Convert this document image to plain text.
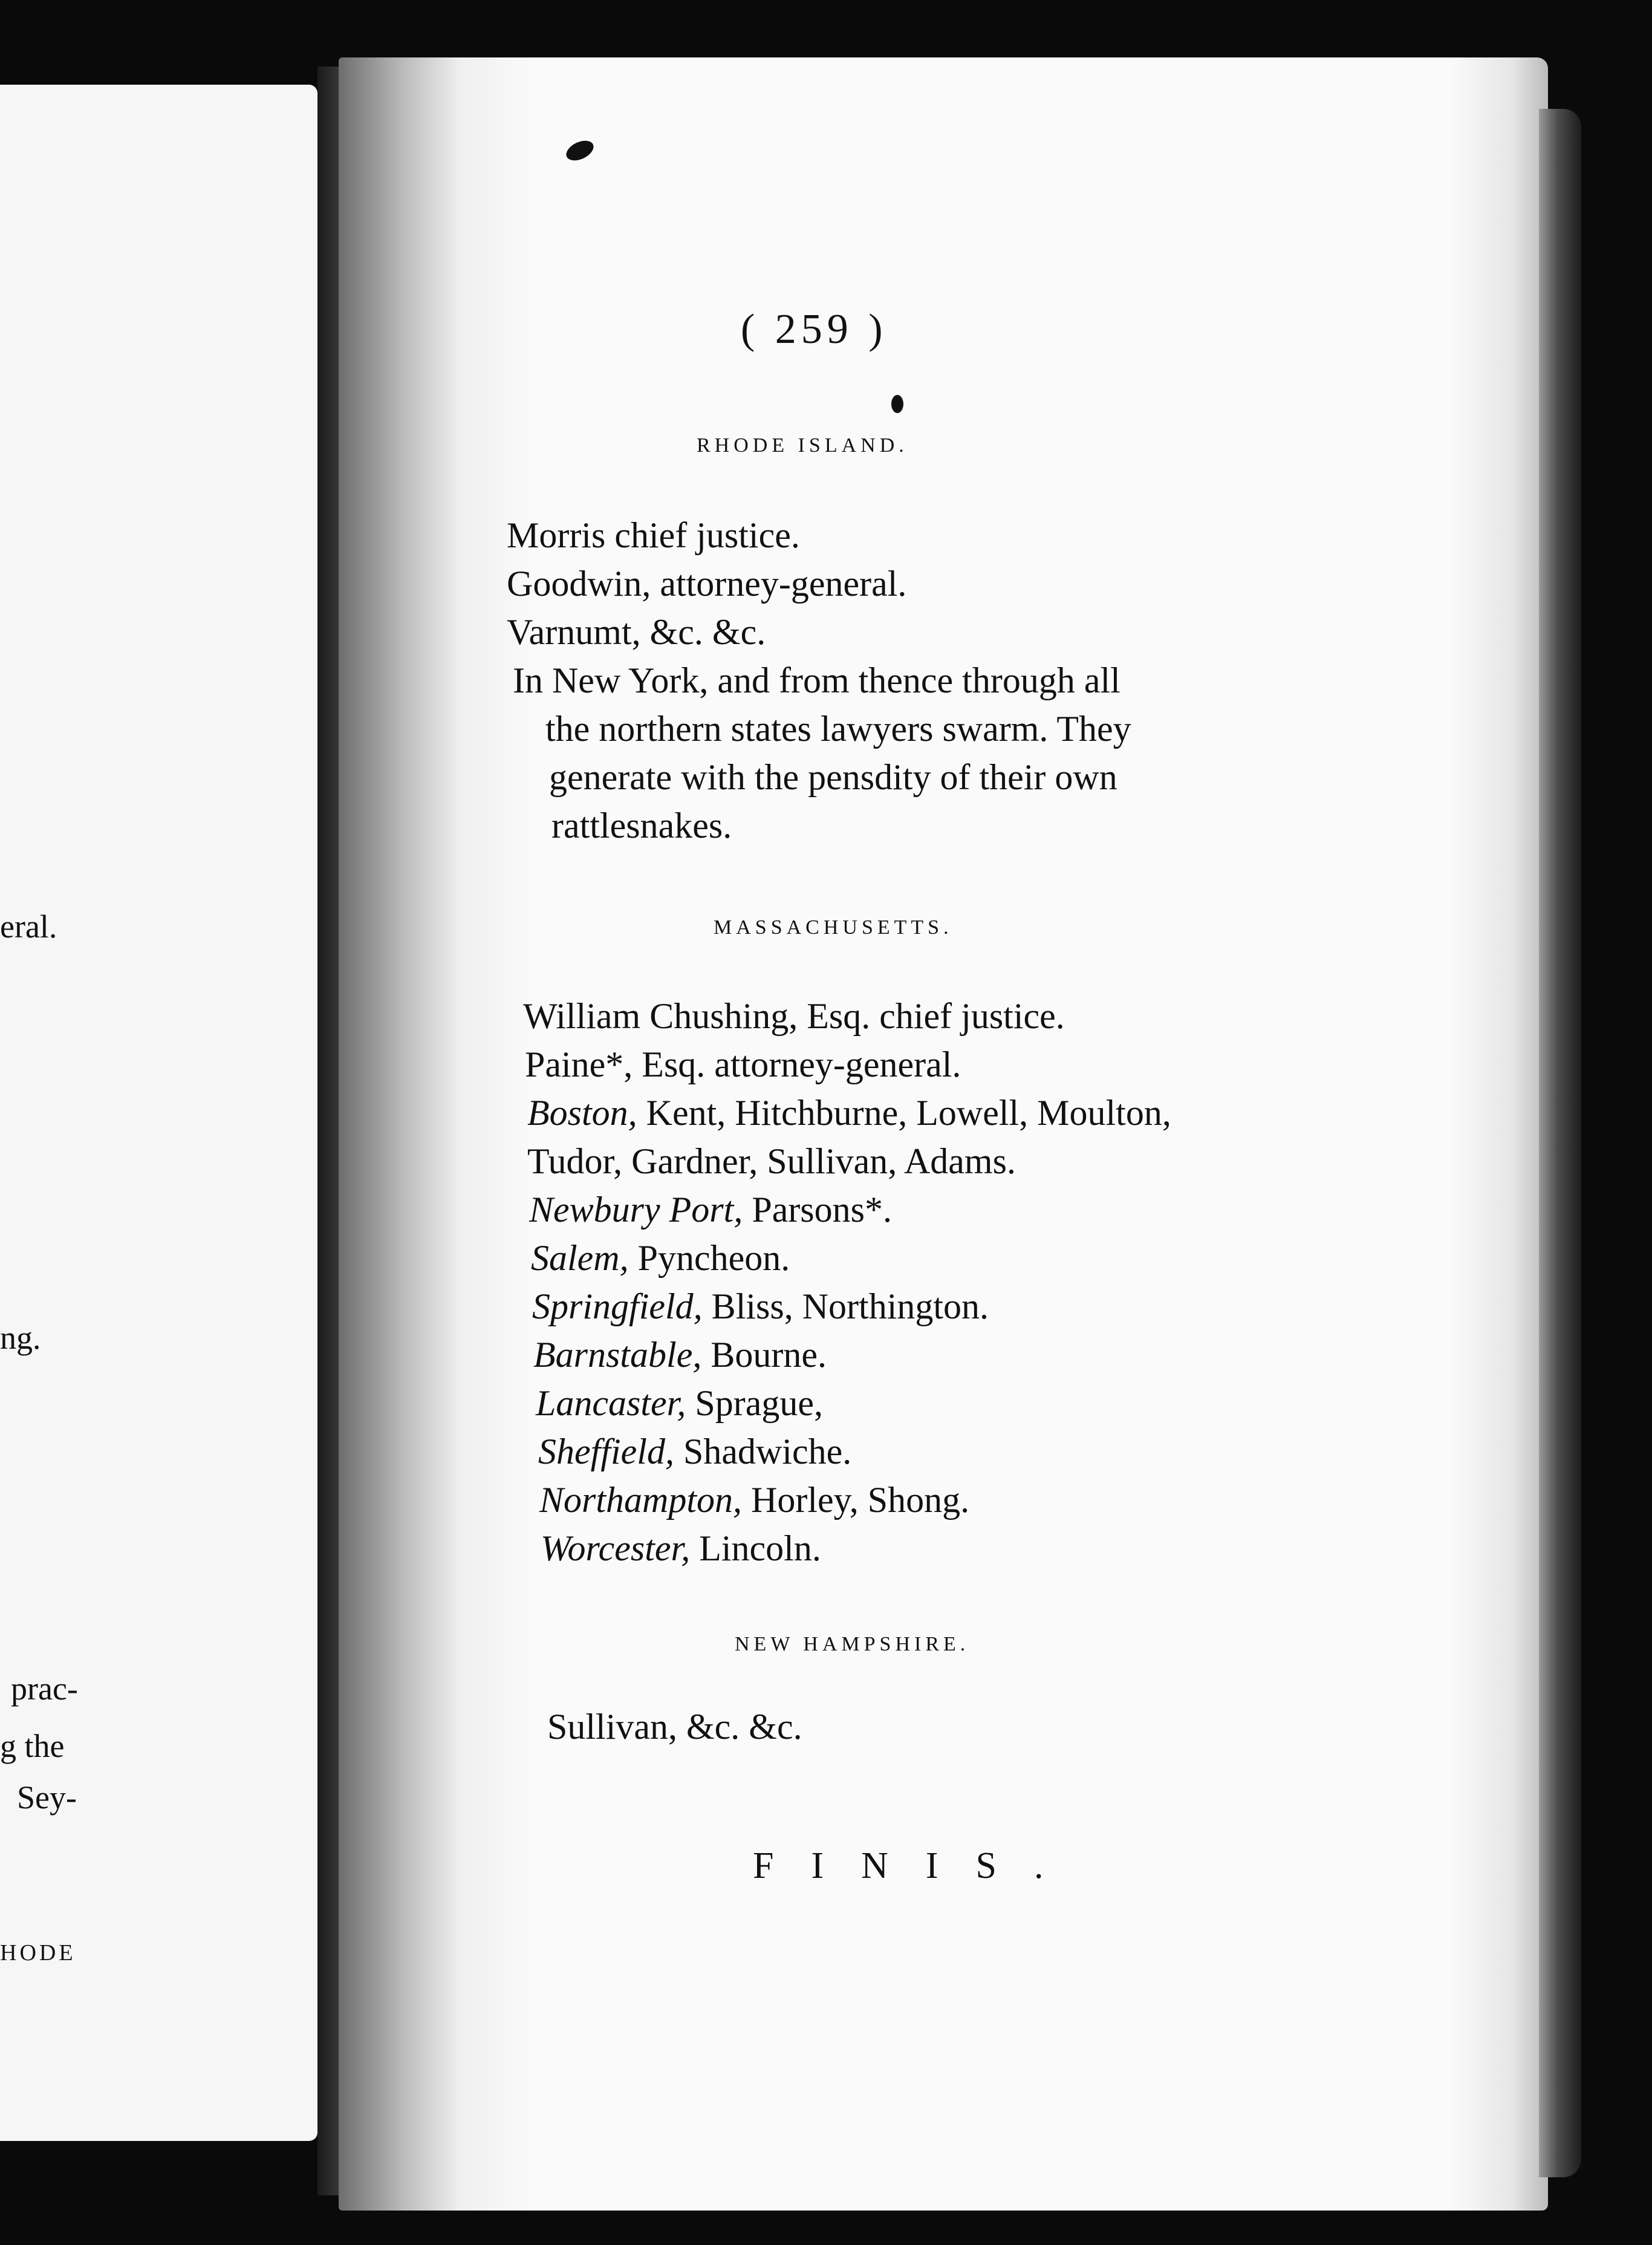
eral.
ng.
prac-
g the
Sey-
HODE
( 259 )
RHODE ISLAND.
Morris chief justice.
Goodwin, attorney-general.
Varnumt, &c. &c.
In New York, and from thence through all
the northern states lawyers swarm. They
generate with the pensdity of their own
rattlesnakes.
MASSACHUSETTS.
William Chushing, Esq. chief justice.
Paine*, Esq. attorney-general.
Boston, Kent, Hitchburne, Lowell, Moulton,
Tudor, Gardner, Sullivan, Adams.
Newbury Port, Parsons*.
Salem, Pyncheon.
Springfield, Bliss, Northington.
Barnstable, Bourne.
Lancaster, Sprague,
Sheffield, Shadwiche.
Northampton, Horley, Shong.
Worcester, Lincoln.
NEW HAMPSHIRE.
Sullivan, &c. &c.
FINIS.
